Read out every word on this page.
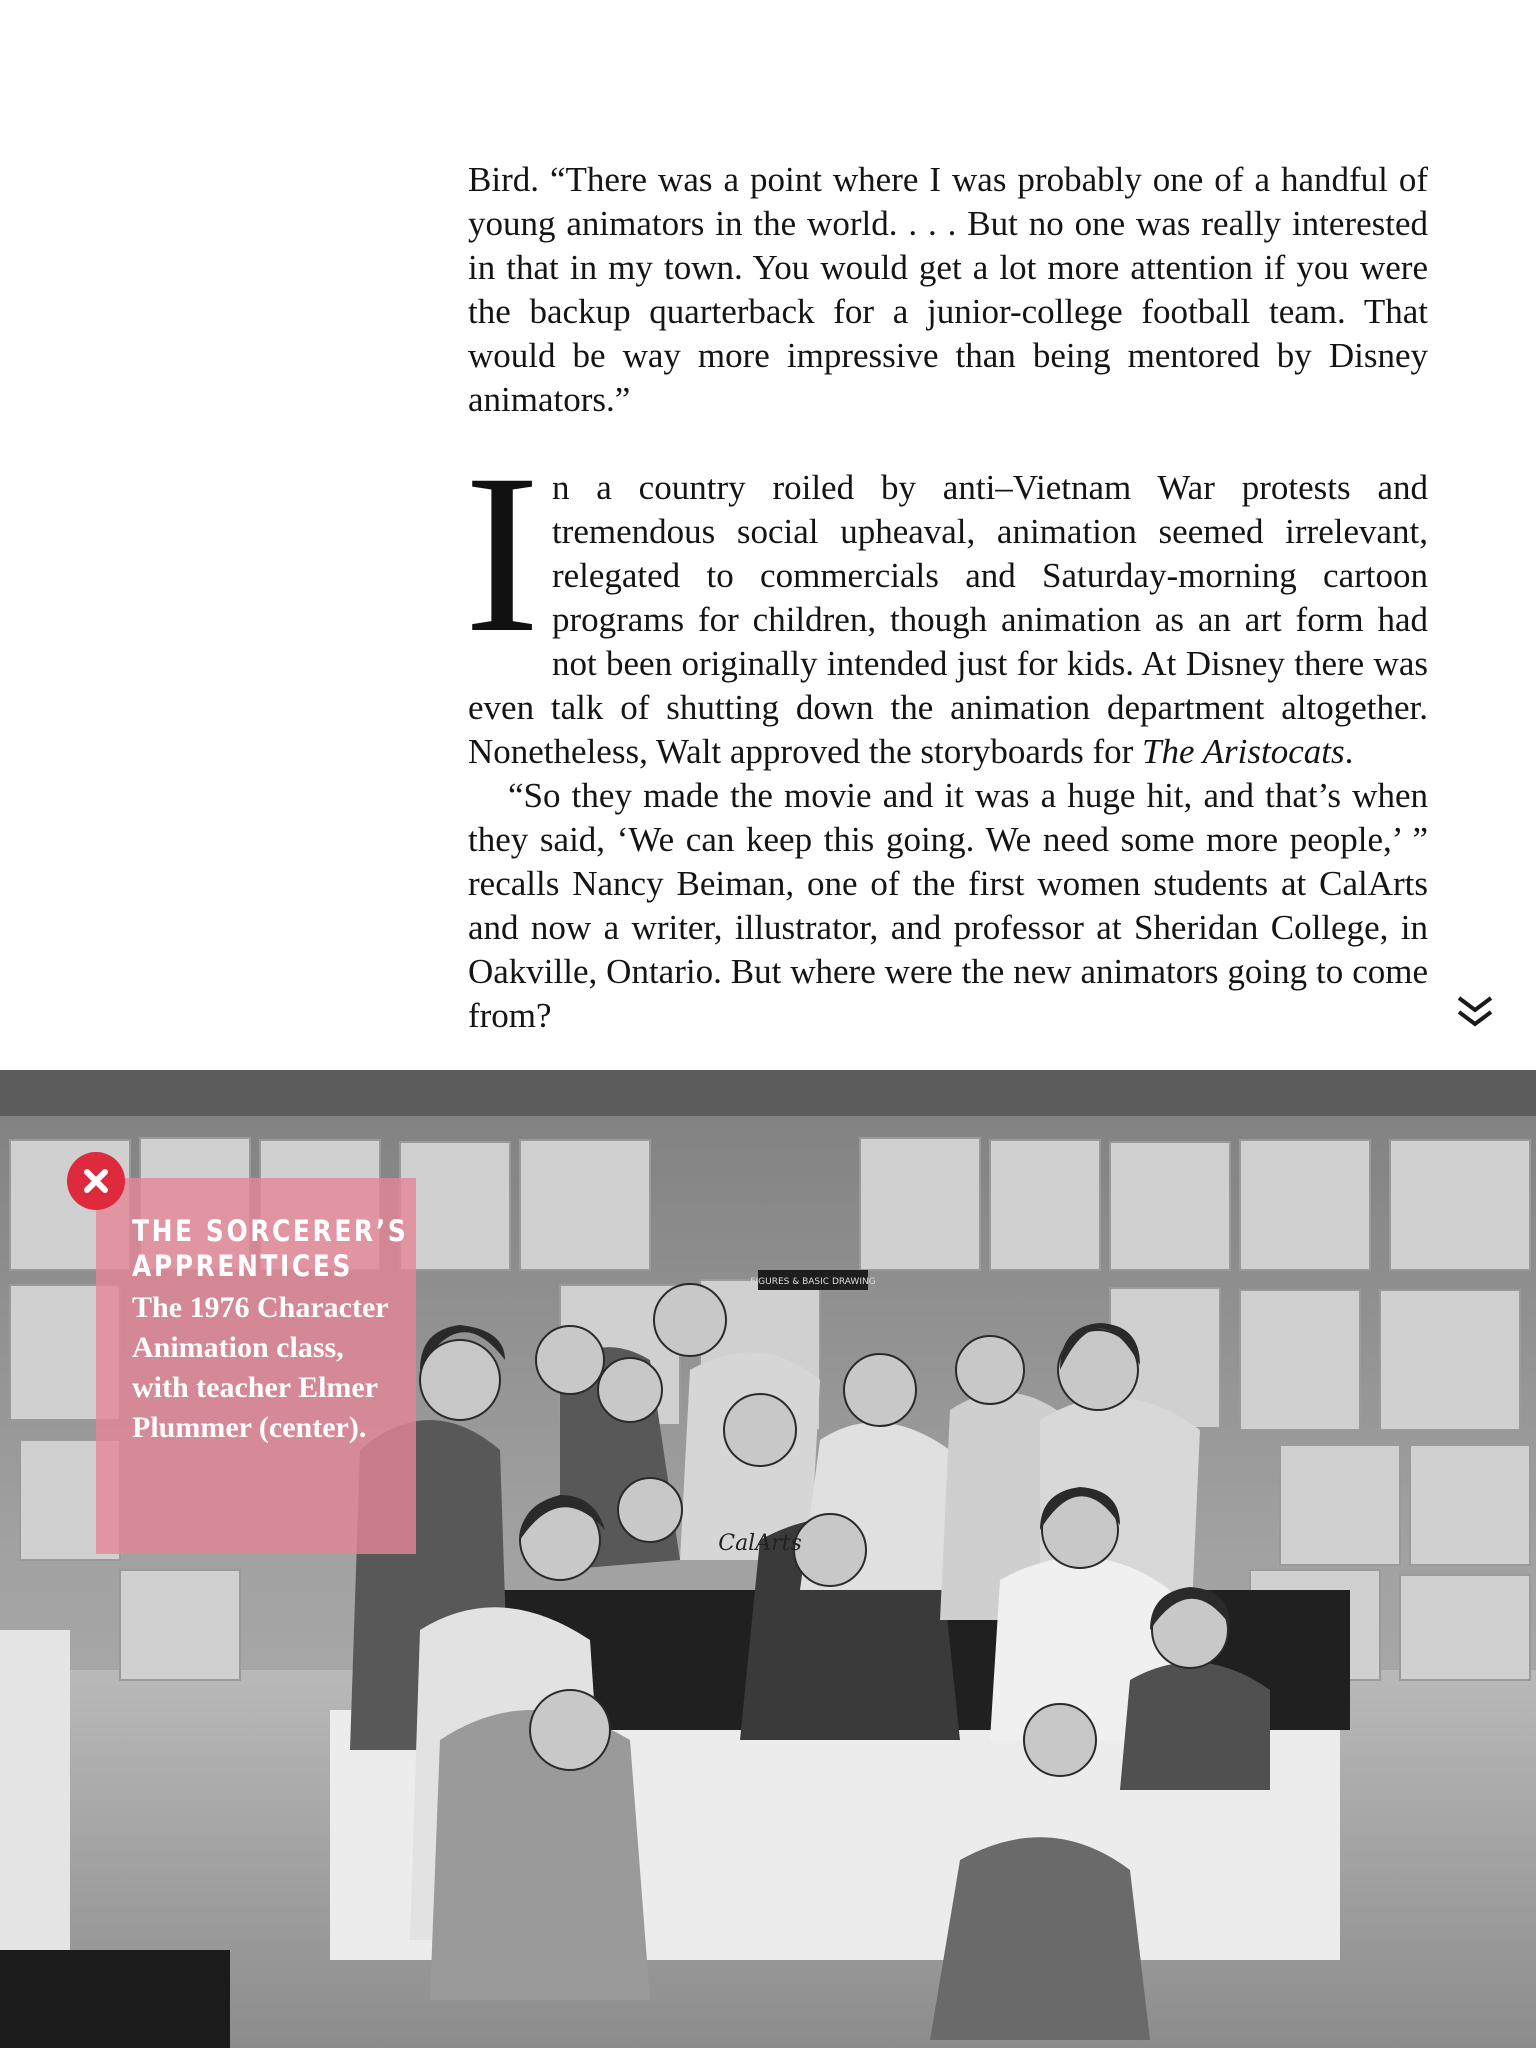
Bird. “There was a point where I was probably one of a handful of young animators in the world. . . . But no one was really interested in that in my town. You would get a lot more attention if you were the backup quarterback for a junior-college football team. That would be way more impressive than being mentored by Disney animators.”

In a country roiled by anti–Vietnam War protests and tremendous social upheaval, animation seemed irrelevant, relegated to commercials and Saturday-morning cartoon programs for children, though animation as an art form had not been originally intended just for kids. At Disney there was even talk of shutting down the animation department altogether. Nonetheless, Walt approved the storyboards for The Aristocats.

“So they made the movie and it was a huge hit, and that’s when they said, ‘We can keep this going. We need some more people,’ ” recalls Nancy Beiman, one of the first women students at CalArts and now a writer, illustrator, and professor at Sheridan College, in Oakville, Ontario. But where were the new animators going to come from?

FIGURES & BASIC DRAWING
CalArts
THE SORCERER’S
APPRENTICES
The 1976 Character Animation class, with teacher Elmer Plummer (center).
